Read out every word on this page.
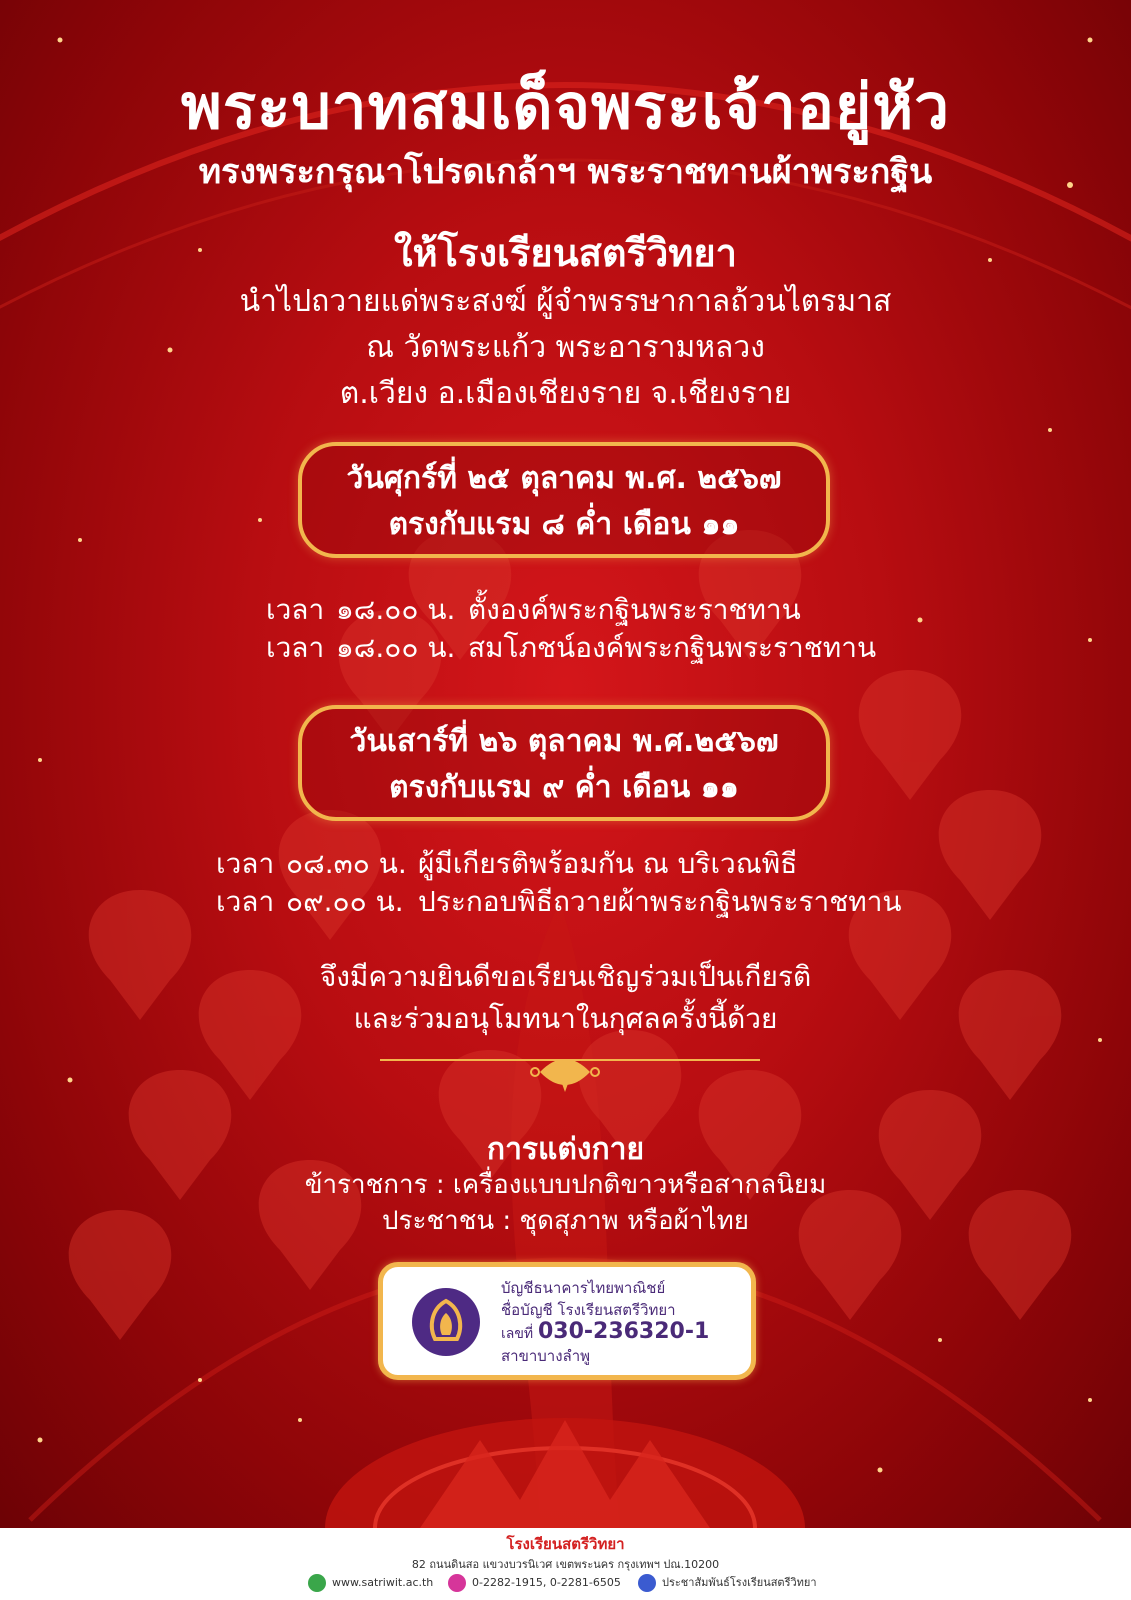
พระบาทสมเด็จพระเจ้าอยู่หัว
ทรงพระกรุณาโปรดเกล้าฯ พระราชทานผ้าพระกฐิน
ให้โรงเรียนสตรีวิทยา
นำไปถวายแด่พระสงฆ์ ผู้จำพรรษากาลถ้วนไตรมาส
ณ วัดพระแก้ว พระอารามหลวง
ต.เวียง อ.เมืองเชียงราย จ.เชียงราย
วันศุกร์ที่ ๒๕ ตุลาคม พ.ศ. ๒๕๖๗
ตรงกับแรม ๘ ค่ำ เดือน ๑๑
เวลา ๑๘.๐๐ น. ตั้งองค์พระกฐินพระราชทาน
เวลา ๑๘.๐๐ น. สมโภชน์องค์พระกฐินพระราชทาน
วันเสาร์ที่ ๒๖ ตุลาคม พ.ศ.๒๕๖๗
ตรงกับแรม ๙ ค่ำ เดือน ๑๑
เวลา ๐๘.๓๐ น. ผู้มีเกียรติพร้อมกัน ณ บริเวณพิธี
เวลา ๐๙.๐๐ น. ประกอบพิธีถวายผ้าพระกฐินพระราชทาน
จึงมีความยินดีขอเรียนเชิญร่วมเป็นเกียรติ
และร่วมอนุโมทนาในกุศลครั้งนี้ด้วย
การแต่งกาย
ข้าราชการ : เครื่องแบบปกติขาวหรือสากลนิยม
ประชาชน : ชุดสุภาพ หรือผ้าไทย
บัญชีธนาคารไทยพาณิชย์
ชื่อบัญชี โรงเรียนสตรีวิทยา
เลขที่ 030-236320-1
สาขาบางลำพู
โรงเรียนสตรีวิทยา
82 ถนนดินสอ แขวงบวรนิเวศ เขตพระนคร กรุงเทพฯ ปณ.10200
www.satriwit.ac.th	0-2282-1915, 0-2281-6505	ประชาสัมพันธ์โรงเรียนสตรีวิทยา
